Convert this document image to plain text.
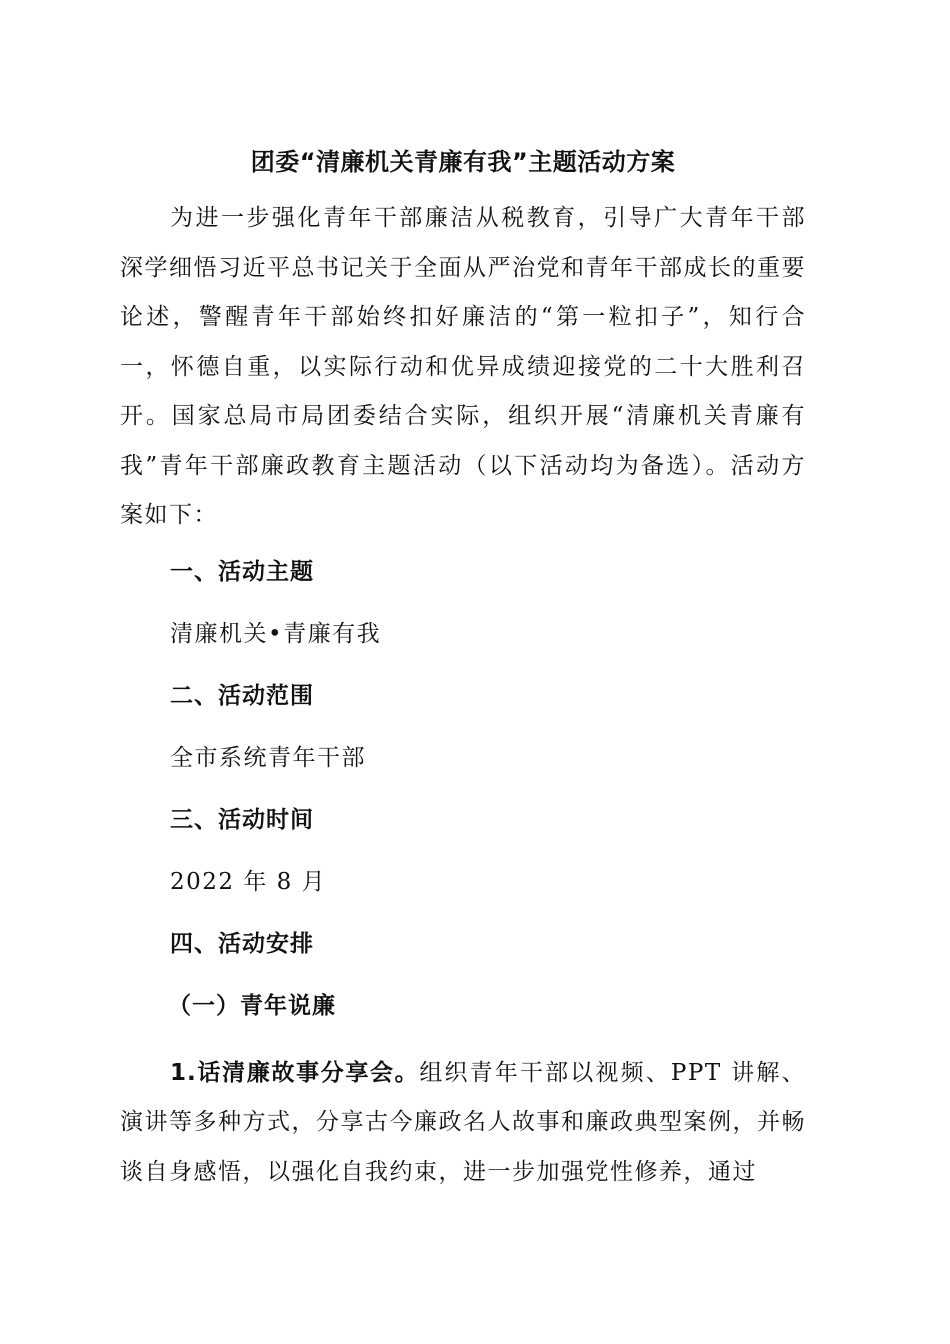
团委“清廉机关青廉有我”主题活动方案

为进一步强化青年干部廉洁从税教育，引导广大青年干部深学细悟习近平总书记关于全面从严治党和青年干部成长的重要论述，警醒青年干部始终扣好廉洁的“第一粒扣子”，知行合一，怀德自重，以实际行动和优异成绩迎接党的二十大胜利召开。国家总局市局团委结合实际，组织开展“清廉机关青廉有我”青年干部廉政教育主题活动（以下活动均为备选）。活动方案如下：

一、活动主题

清廉机关•青廉有我

二、活动范围

全市系统青年干部

三、活动时间

2022 年 8 月

四、活动安排

（一）青年说廉

1.话清廉故事分享会。组织青年干部以视频、PPT 讲解、演讲等多种方式，分享古今廉政名人故事和廉政典型案例，并畅谈自身感悟，以强化自我约束，进一步加强党性修养，通过
